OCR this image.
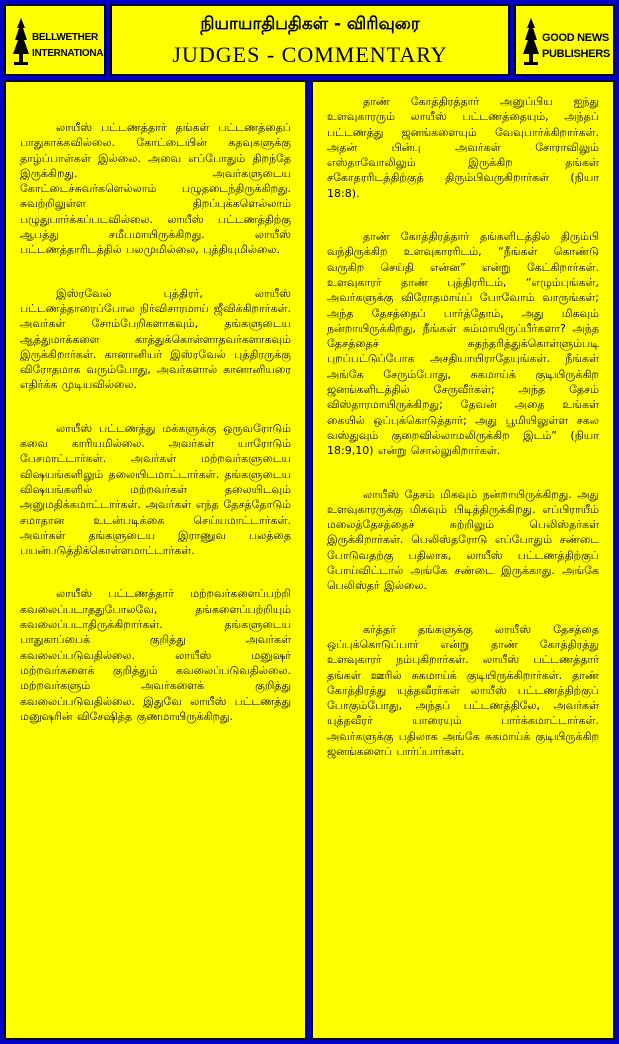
BELLWETHER
INTERNATIONAL
நியாயாதிபதிகள் - விரிவுரை
JUDGES - COMMENTARY
GOOD NEWS
PUBLISHERS

லாயீஸ் பட்டணத்தார் தங்கள் பட்டணத்தைப் பாதுகாக்கவில்லை. கோட்டையின் கதவுகளுக்கு தாழ்ப்பாள்கள் இல்லை. அவை எப்போதும் திறந்தே இருக்கிறது. அவர்களுடைய கோட்டைச்சுவர்களெல்லாம் பழுதடைந்திருக்கிறது. சுவற்றிலுள்ள திறப்புக்களெல்லாம் பழுதுபார்க்கப்படவில்லை. லாயீஸ் பட்டணத்திற்கு ஆபத்து சமீபமாயிருக்கிறது. லாயீஸ் பட்டணத்தாரிடத்தில் பலமுமில்லை, புத்தியுமில்லை.

இஸ்ரவேல் புத்திரர், லாயீஸ் பட்டணத்தாரைப்போல நிர்விசாரமாய் ஜீவிக்கிறார்கள். அவர்கள் சோம்பேறிகளாகவும், தங்களுடைய ஆத்துமாக்களை காத்துக்கொள்ளாதவர்களாகவும் இருக்கிறார்கள். கானானியர் இஸ்ரவேல் புத்திரருக்கு விரோதமாக வரும்போது, அவர்களால் கானானியரை எதிர்க்க முடியவில்லை.

லாயீஸ் பட்டணத்து மக்களுக்கு ஒருவரோடும் கவை காரியமில்லை. அவர்கள் யாரோடும் பேசமாட்டார்கள். அவர்கள் மற்றவர்களுடைய விஷயங்களிலும் தலையிடமாட்டார்கள். தங்களுடைய விஷயங்களில் மற்றவர்கள் தலையிடவும் அனுமதிக்கமாட்டார்கள். அவர்கள் எந்த தேசத்தோடும் சமாதான உடன்படிக்கை செய்யமாட்டார்கள். அவர்கள் தங்களுடைய இராணுவ பலத்தை பயன்படுத்திக்கொள்ளமாட்டார்கள்.

லாயீஸ் பட்டணத்தார் மற்றவர்களைப்பற்றி கவலைப்படாததுபோலவே, தங்களைப்பற்றியும் கவலைப்படாதிருக்கிறார்கள். தங்களுடைய பாதுகாப்பைக் குறித்து அவர்கள் கவலைப்படுவதில்லை. லாயீஸ் மனுஷர் மற்றவர்களைக் குறித்தும் கவலைப்படுவதில்லை. மற்றவர்களும் அவர்களைக் குறித்து கவலைப்படுவதில்லை. இதுவே லாயீஸ் பட்டணத்து மனுஷரின் விசேஷித்த குணமாயிருக்கிறது.

தாண் கோத்திரத்தார் அனுப்பிய ஐந்து உளவுகாரரும் லாயீஸ் பட்டணத்தையும், அந்தப் பட்டணத்து ஜனங்களையும் வேவுபார்க்கிறார்கள். அதன் பின்பு அவர்கள் சோராவிலும் எஸ்தாவோலிலும் இருக்கிற தங்கள் சகோதரரிடத்திற்குத் திரும்பிவருகிறார்கள் (நியா 18:8).

தாண் கோத்திரத்தார் தங்களிடத்தில் திரும்பி வந்திருக்கிற உளவுகாரரிடம், “நீங்கள் கொண்டு வருகிற செய்தி என்ன” என்று கேட்கிறார்கள். உளவுகாரர் தாண் புத்திரரிடம், “எழும்புங்கள், அவர்களுக்கு விரோதமாய்ப் போவோம் வாருங்கள்; அந்த தேசத்தைப் பார்த்தோம், அது மிகவும் நன்றாயிருக்கிறது, நீங்கள் சும்மாயிருப்பீர்களா? அந்த தேசத்தைச் சுதந்தரித்துக்கொள்ளும்படி புறப்பட்டுப்போக அசதியாயிராதேயுங்கள். நீங்கள் அங்கே சேரும்போது, சுகமாய்க் குடியிருக்கிற ஜனங்களிடத்தில் சேருவீர்கள்; அந்த தேசம் விஸ்தாரமாயிருக்கிறது; தேவன் அதை உங்கள் கையில் ஒப்புக்கொடுத்தார்; அது பூமியிலுள்ள சகல வஸ்துவும் குறைவில்லாமலிருக்கிற இடம்” (நியா 18:9,10) என்று சொல்லுகிறார்கள்.

லாயீஸ் தேசம் மிகவும் நன்றாயிருக்கிறது. அது உளவுகாரருக்கு மிகவும் பிடித்திருக்கிறது. எப்பிராயீம் மலைத்தேசத்தைச் சுற்றிலும் பெலிஸ்தர்கள் இருக்கிறார்கள். பெலிஸ்தரோடு எப்போதும் சண்டை போடுவதற்கு பதிலாக, லாயீஸ் பட்டணத்திற்குப் போய்விட்டால் அங்கே சண்டை இருக்காது. அங்கே பெலிஸ்தர் இல்லை.

கர்த்தர் தங்களுக்கு லாயீஸ் தேசத்தை ஒப்புக்கொடுப்பார் என்று தாண் கோத்திரத்து உளவுகாரர் நம்புகிறார்கள். லாயீஸ் பட்டணத்தார் தங்கள் ஊரில் சுகமாய்க் குடியிருக்கிறார்கள். தாண் கோத்திரத்து யுத்தவீரர்கள் லாயீஸ் பட்டணத்திற்குப் போகும்போது, அந்தப் பட்டணத்திலே, அவர்கள் யுத்தவீரர் யாரையும் பார்க்கமாட்டார்கள். அவர்களுக்கு பதிலாக அங்கே சுகமாய்க் குடியிருக்கிற ஜனங்களைப் பார்ப்பார்கள்.
